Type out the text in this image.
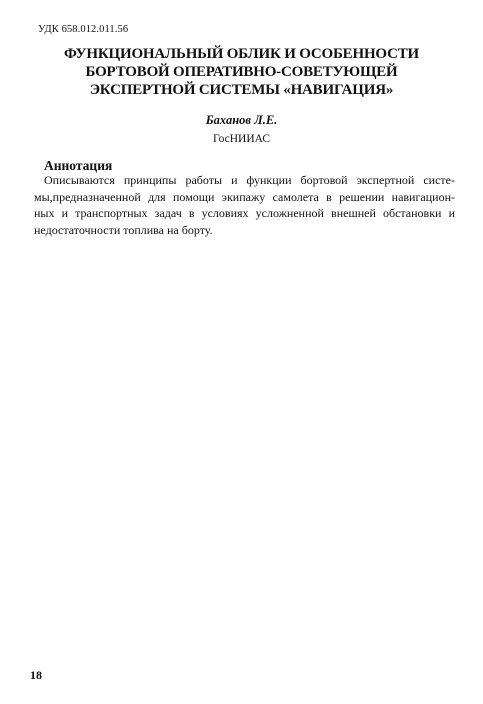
УДК 658.012.011.56
ФУНКЦИОНАЛЬНЫЙ ОБЛИК И ОСОБЕННОСТИ
БОРТОВОЙ ОПЕРАТИВНО-СОВЕТУЮЩЕЙ
ЭКСПЕРТНОЙ СИСТЕМЫ «НАВИГАЦИЯ»
Баханов Л.Е.
ГосНИИАС
Аннотация
Описываются принципы работы и функции бортовой экспертной систе-
мы,предназначенной для помощи экипажу самолета в решении навигацион-
ных и транспортных задач в условиях усложненной внешней обстановки и
недостаточности топлива на борту.
18
